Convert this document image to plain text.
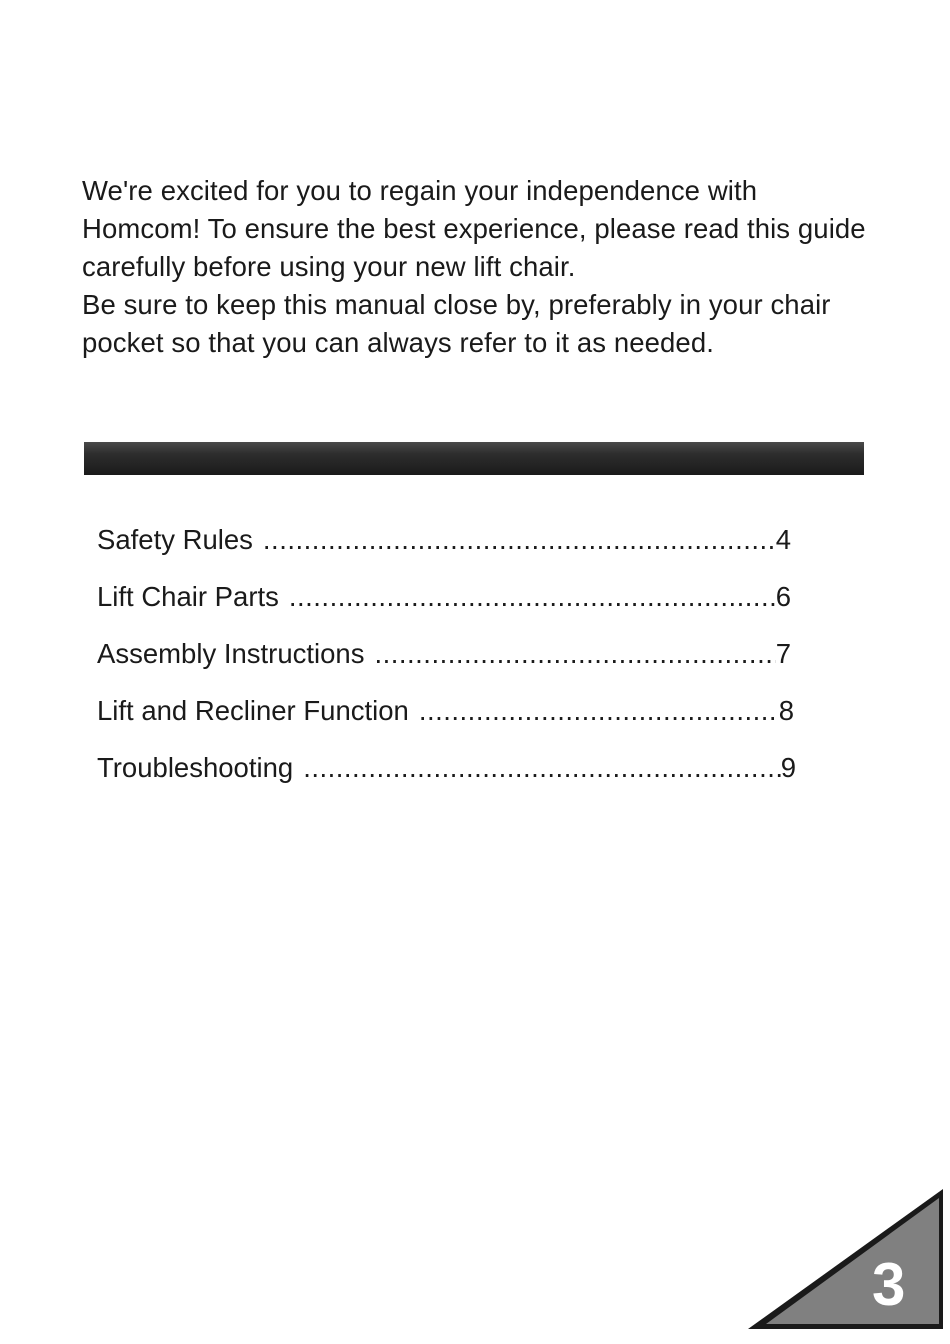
We're excited for you to regain your independence with Homcom! To ensure the best experience, please read this guide carefully before using your new lift chair.

Be sure to keep this manual close by, preferably in your chair pocket so that you can always refer to it as needed.

Safety Rules .....	4
Lift Chair Parts .....	6
Assembly Instructions .....	7
Lift and Recliner Function .....	8
Troubleshooting .....	9
3
